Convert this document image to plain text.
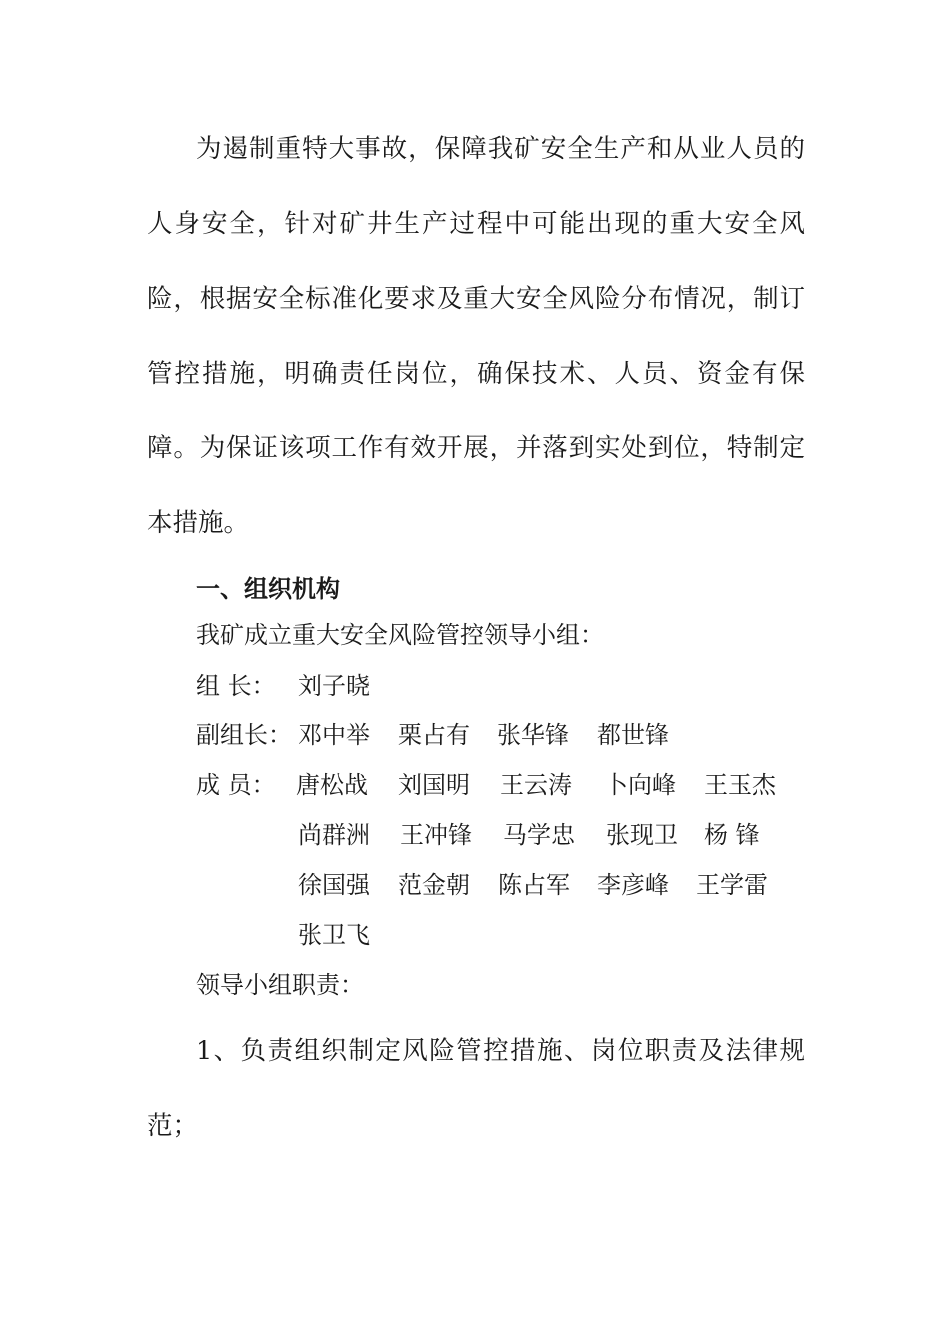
为遏制重特大事故，保障我矿安全生产和从业人员的
人身安全，针对矿井生产过程中可能出现的重大安全风
险，根据安全标准化要求及重大安全风险分布情况，制订
管控措施，明确责任岗位，确保技术、人员、资金有保
障。为保证该项工作有效开展，并落到实处到位，特制定
本措施。
一、组织机构
我矿成立重大安全风险管控领导小组：
组 长： 刘子晓
副组长： 邓中举 栗占有 张华锋 都世锋
成 员： 唐松战 刘国明 王云涛 卜向峰 王玉杰
尚群洲 王冲锋 马学忠 张现卫 杨 锋
徐国强 范金朝 陈占军 李彦峰 王学雷
张卫飞
领导小组职责：
1、负责组织制定风险管控措施、岗位职责及法律规
范；
